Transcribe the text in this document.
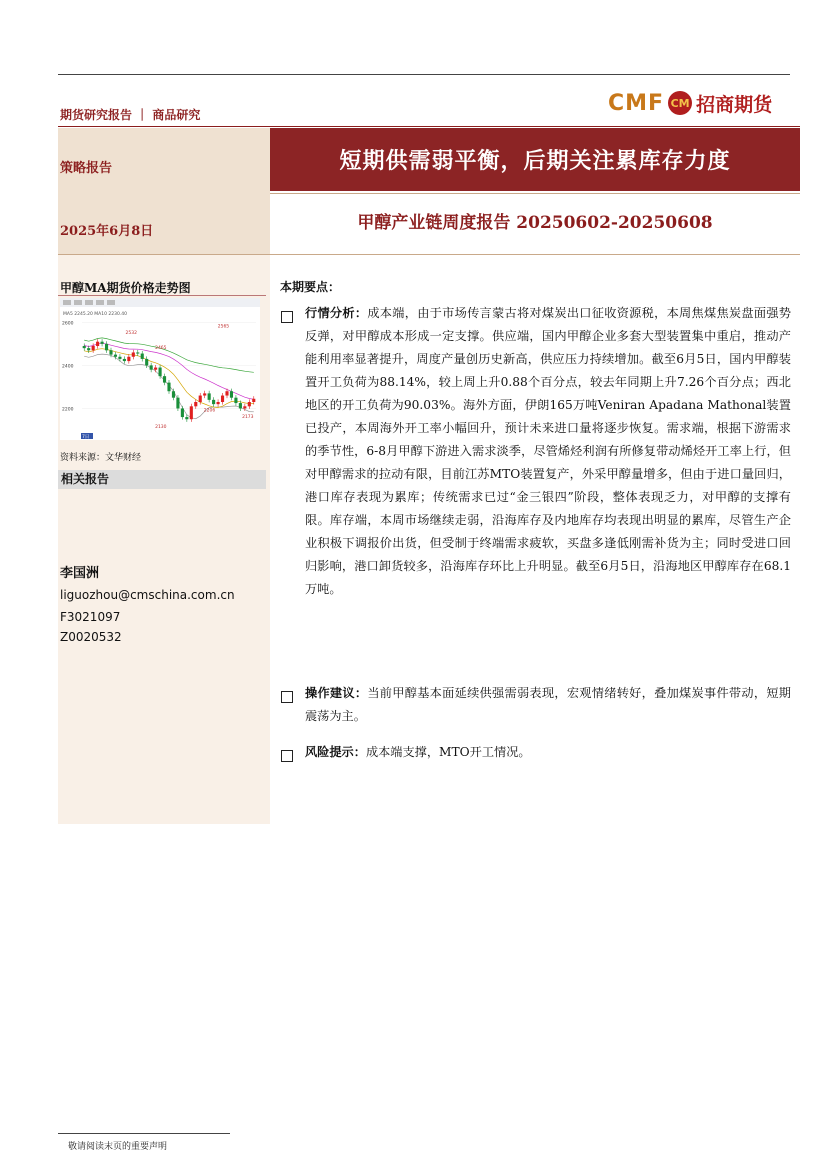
期货研究报告 ｜ 商品研究	CMF CM 招商期货
短期供需弱平衡，后期关注累库存力度
策略报告
2025年6月8日	甲醇产业链周度报告 20250602-20250608
甲醇MA期货价格走势图
MA5 2245.20 MA10 2230.40
2600
2400
2200
2532
2465
2565
2206
2173
2130
7日
资料来源：文华财经
相关报告
李国洲
liguozhou@cmschina.com.cn
F3021097
Z0020532
本期要点：
行情分析：成本端，由于市场传言蒙古将对煤炭出口征收资源税，本周焦煤焦炭盘面强势反弹，对甲醇成本形成一定支撑。供应端，国内甲醇企业多套大型装置集中重启，推动产能利用率显著提升，周度产量创历史新高，供应压力持续增加。截至6月5日，国内甲醇装置开工负荷为88.14%，较上周上升0.88个百分点，较去年同期上升7.26个百分点；西北地区的开工负荷为90.03%。海外方面，伊朗165万吨Veniran Apadana Mathonal装置已投产，本周海外开工率小幅回升，预计未来进口量将逐步恢复。需求端，根据下游需求的季节性，6-8月甲醇下游进入需求淡季，尽管烯烃利润有所修复带动烯烃开工率上行，但对甲醇需求的拉动有限，目前江苏MTO装置复产，外采甲醇量增多，但由于进口量回归，港口库存表现为累库；传统需求已过“金三银四”阶段，整体表现乏力，对甲醇的支撑有限。库存端，本周市场继续走弱，沿海库存及内地库存均表现出明显的累库，尽管生产企业积极下调报价出货，但受制于终端需求疲软，买盘多逢低刚需补货为主；同时受进口回归影响，港口卸货较多，沿海库存环比上升明显。截至6月5日，沿海地区甲醇库存在68.1万吨。
操作建议：当前甲醇基本面延续供强需弱表现，宏观情绪转好，叠加煤炭事件带动，短期震荡为主。
风险提示：成本端支撑，MTO开工情况。
敬请阅读末页的重要声明
